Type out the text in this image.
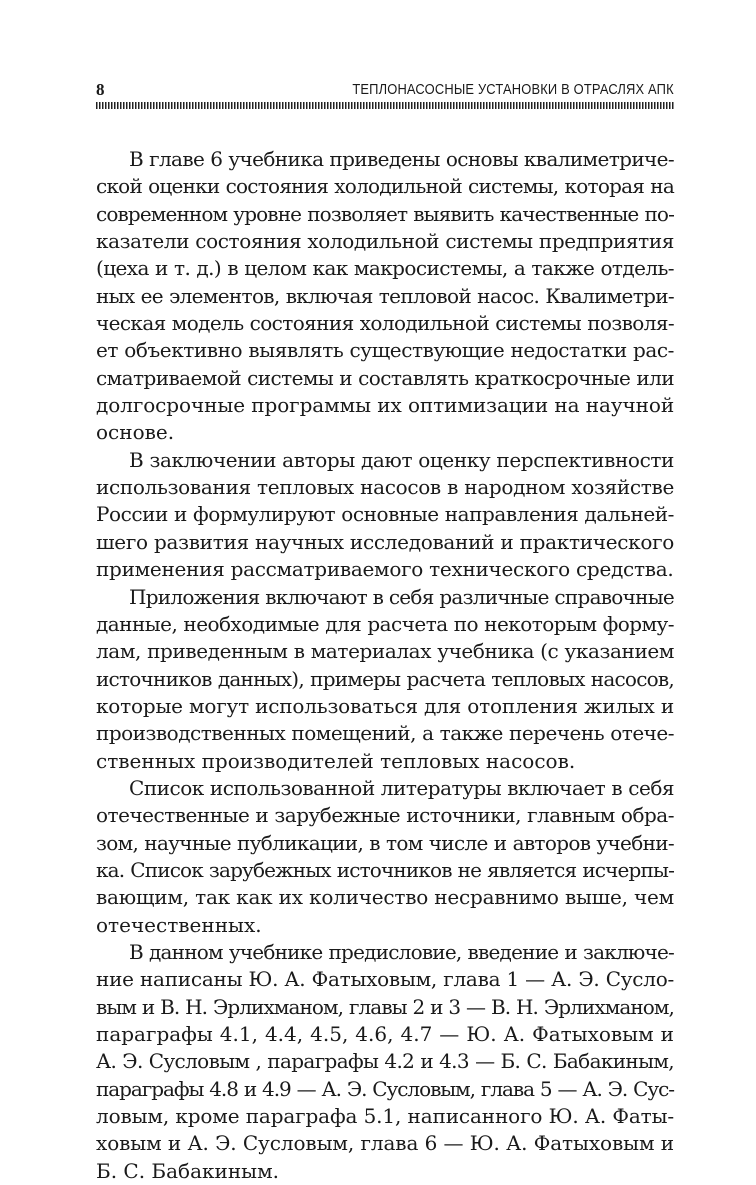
8	ТЕПЛОНАСОСНЫЕ УСТАНОВКИ В ОТРАСЛЯХ АПК
В главе 6 учебника приведены основы квалиметриче-
ской оценки состояния холодильной системы, которая на
современном уровне позволяет выявить качественные по-
казатели состояния холодильной системы предприятия
(цеха и т. д.) в целом как макросистемы, а также отдель-
ных ее элементов, включая тепловой насос. Квалиметри-
ческая модель состояния холодильной системы позволя-
ет объективно выявлять существующие недостатки рас-
сматриваемой системы и составлять краткосрочные или
долгосрочные программы их оптимизации на научной
основе.
В заключении авторы дают оценку перспективности
использования тепловых насосов в народном хозяйстве
России и формулируют основные направления дальней-
шего развития научных исследований и практического
применения рассматриваемого технического средства.
Приложения включают в себя различные справочные
данные, необходимые для расчета по некоторым форму-
лам, приведенным в материалах учебника (с указанием
источников данных), примеры расчета тепловых насосов,
которые могут использоваться для отопления жилых и
производственных помещений, а также перечень отече-
ственных производителей тепловых насосов.
Список использованной литературы включает в себя
отечественные и зарубежные источники, главным обра-
зом, научные публикации, в том числе и авторов учебни-
ка. Список зарубежных источников не является исчерпы-
вающим, так как их количество несравнимо выше, чем
отечественных.
В данном учебнике предисловие, введение и заключе-
ние написаны Ю. А. Фатыховым, глава 1 — А. Э. Сусло-
вым и В. Н. Эрлихманом, главы 2 и 3 — В. Н. Эрлихманом,
параграфы 4.1, 4.4, 4.5, 4.6, 4.7 — Ю. А. Фатыховым и
А. Э. Сусловым , параграфы 4.2 и 4.3 — Б. С. Бабакиным,
параграфы 4.8 и 4.9 — А. Э. Сусловым, глава 5 — А. Э. Сус-
ловым, кроме параграфа 5.1, написанного Ю. А. Фаты-
ховым и А. Э. Сусловым, глава 6 — Ю. А. Фатыховым и
Б. С. Бабакиным.
